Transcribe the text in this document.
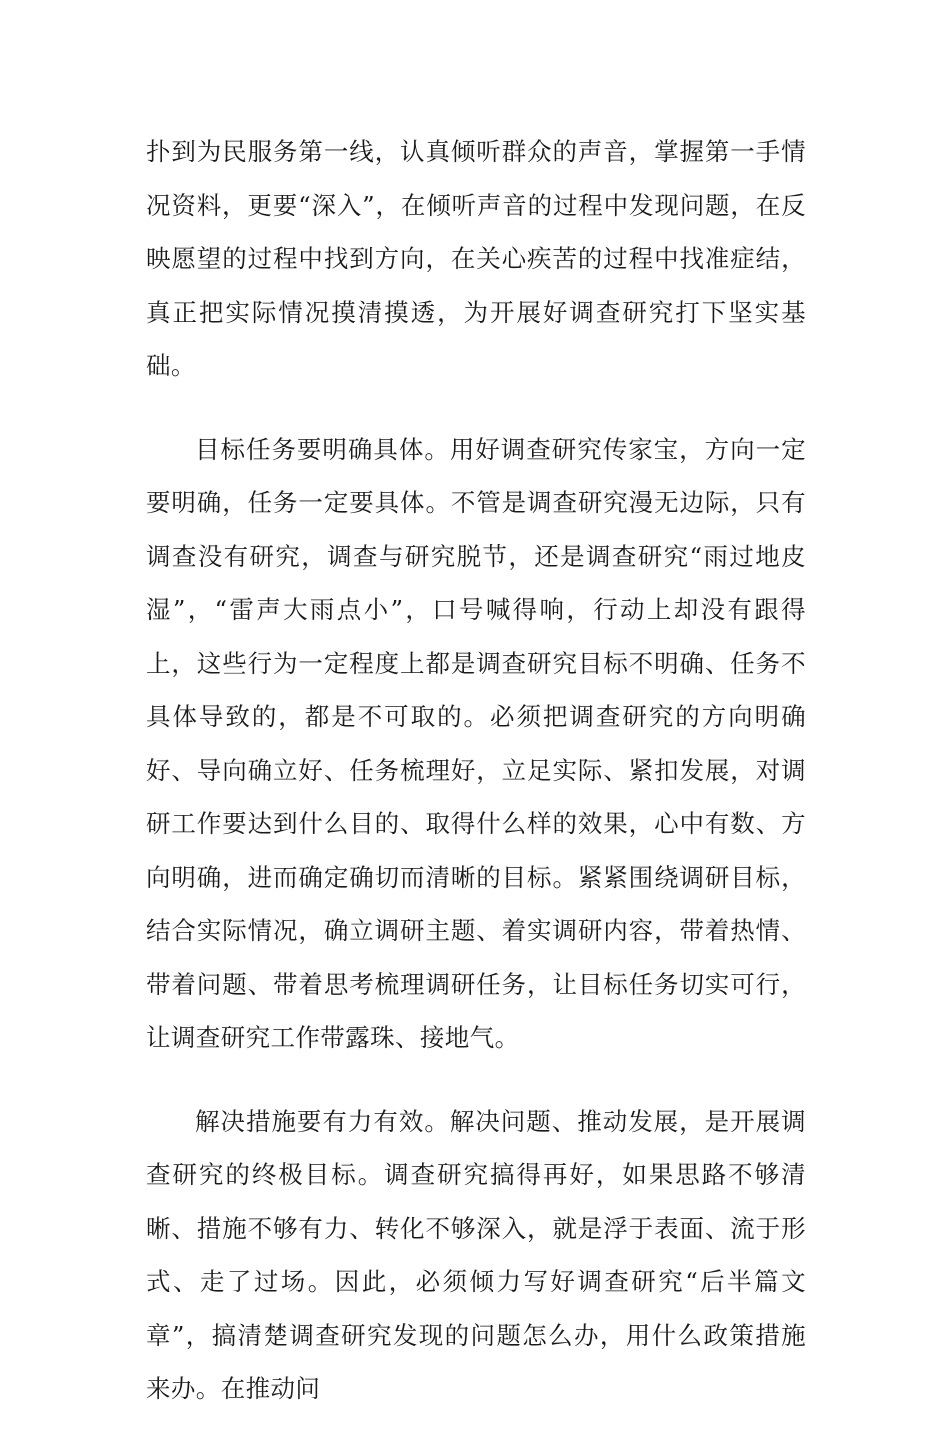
扑到为民服务第一线，认真倾听群众的声音，掌握第一手情况资料，更要“深入”，在倾听声音的过程中发现问题，在反映愿望的过程中找到方向，在关心疾苦的过程中找准症结，真正把实际情况摸清摸透，为开展好调查研究打下坚实基础。

目标任务要明确具体。用好调查研究传家宝，方向一定要明确，任务一定要具体。不管是调查研究漫无边际，只有调查没有研究，调查与研究脱节，还是调查研究“雨过地皮湿”，“雷声大雨点小”，口号喊得响，行动上却没有跟得上，这些行为一定程度上都是调查研究目标不明确、任务不具体导致的，都是不可取的。必须把调查研究的方向明确好、导向确立好、任务梳理好，立足实际、紧扣发展，对调研工作要达到什么目的、取得什么样的效果，心中有数、方向明确，进而确定确切而清晰的目标。紧紧围绕调研目标，结合实际情况，确立调研主题、着实调研内容，带着热情、带着问题、带着思考梳理调研任务，让目标任务切实可行，让调查研究工作带露珠、接地气。

解决措施要有力有效。解决问题、推动发展，是开展调查研究的终极目标。调查研究搞得再好，如果思路不够清晰、措施不够有力、转化不够深入，就是浮于表面、流于形式、走了过场。因此，必须倾力写好调查研究“后半篇文章”，搞清楚调查研究发现的问题怎么办，用什么政策措施来办。在推动问
